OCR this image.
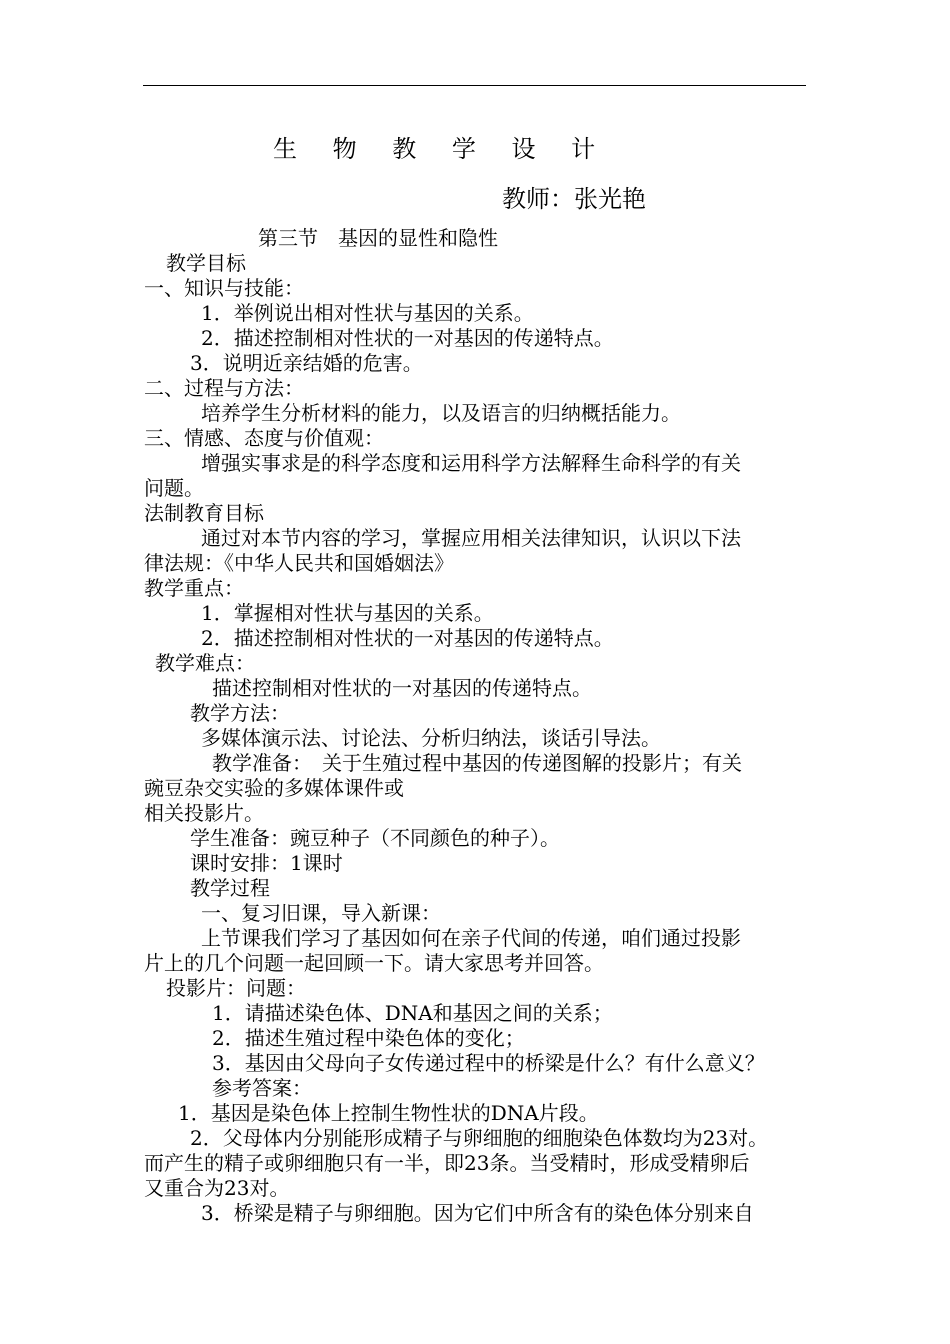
生 物 教 学 设 计
教师：张光艳
第三节　基因的显性和隐性
教学目标
一、知识与技能：
1．举例说出相对性状与基因的关系。
2．描述控制相对性状的一对基因的传递特点。
3．说明近亲结婚的危害。
二、过程与方法：
培养学生分析材料的能力，以及语言的归纳概括能力。
三、情感、态度与价值观：
增强实事求是的科学态度和运用科学方法解释生命科学的有关
问题。
法制教育目标
通过对本节内容的学习，掌握应用相关法律知识，认识以下法
律法规：《中华人民共和国婚姻法》
教学重点：
1．掌握相对性状与基因的关系。
2．描述控制相对性状的一对基因的传递特点。
教学难点：
描述控制相对性状的一对基因的传递特点。
教学方法：
多媒体演示法、讨论法、分析归纳法，谈话引导法。
教学准备：　关于生殖过程中基因的传递图解的投影片；有关
豌豆杂交实验的多媒体课件或
相关投影片。
学生准备：豌豆种子（不同颜色的种子）。
课时安排：1课时
教学过程
一、复习旧课，导入新课：
上节课我们学习了基因如何在亲子代间的传递，咱们通过投影
片上的几个问题一起回顾一下。请大家思考并回答。
投影片：问题：
1．请描述染色体、DNA和基因之间的关系；
2．描述生殖过程中染色体的变化；
3．基因由父母向子女传递过程中的桥梁是什么？有什么意义？
参考答案：
1．基因是染色体上控制生物性状的DNA片段。
2．父母体内分别能形成精子与卵细胞的细胞染色体数均为23对。
而产生的精子或卵细胞只有一半，即23条。当受精时，形成受精卵后
又重合为23对。
3．桥梁是精子与卵细胞。因为它们中所含有的染色体分别来自
